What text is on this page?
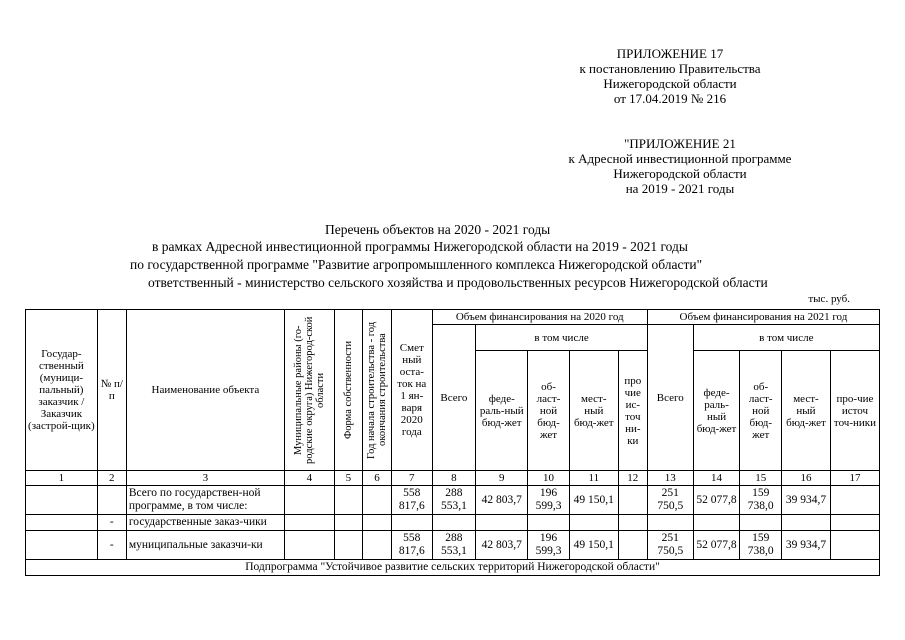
ПРИЛОЖЕНИЕ 17
к постановлению Правительства
Нижегородской области
от 17.04.2019 № 216
"ПРИЛОЖЕНИЕ 21
к Адресной инвестиционной программе
Нижегородской области
на 2019 - 2021 годы
Перечень объектов на 2020 - 2021 годы
в рамках Адресной инвестиционной программы Нижегородской области на 2019 - 2021 годы
по государственной программе "Развитие агропромышленного комплекса Нижегородской области"
ответственный - министерство сельского хозяйства и продовольственных ресурсов Нижегородской области
тыс. руб.
Государ-ственный (муници-пальный) заказчик /Заказчик (застрой-щик)	№ п/п	Наименование объекта	Муниципальные районы (го-родские округа) Нижегород-ской области	Форма собственности	Год начала строительства - год окончания строительства	Смет ный оста-ток на 1 ян-варя 2020 года	Объем финансирования на 2020 год					Объем финансирования на 2021 год				
							Всего	в том числе				Всего	в том числе			
								феде-раль-ный бюд-жет	об-ласт-ной бюд-жет	мест-ный бюд-жет	про чие ис-точ ни-ки		феде-раль-ный бюд-жет	об-ласт-ной бюд-жет	мест-ный бюд-жет	про-чие источ точ-ники
1	2	3	4	5	6	7	8	9	10	11	12	13	14	15	16	17
		Всего по государствен-ной программе, в том числе:				558 817,6	288 553,1	42 803,7	196 599,3	49 150,1		251 750,5	52 077,8	159 738,0	39 934,7	
	-	государственные заказ-чики														
	-	муниципальные заказчи-ки				558 817,6	288 553,1	42 803,7	196 599,3	49 150,1		251 750,5	52 077,8	159 738,0	39 934,7	
Подпрограмма "Устойчивое развитие сельских территорий Нижегородской области"																
